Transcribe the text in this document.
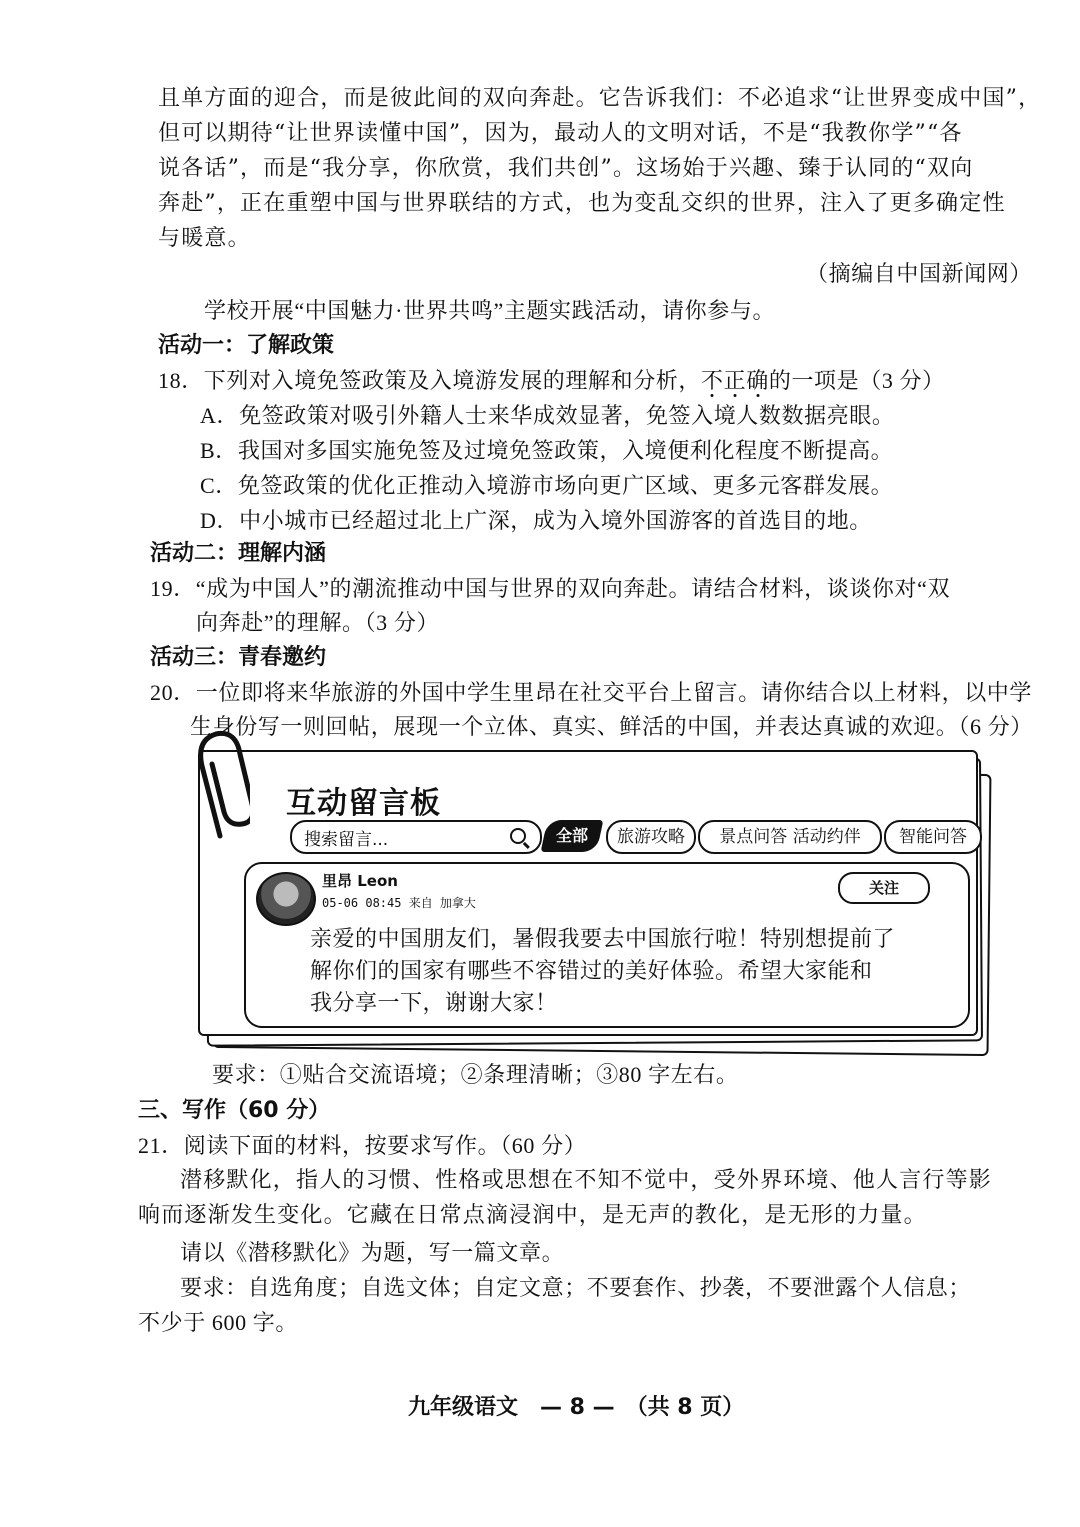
且单方面的迎合，而是彼此间的双向奔赴。它告诉我们：不必追求“让世界变成中国”，
但可以期待“让世界读懂中国”，因为，最动人的文明对话，不是“我教你学”“各
说各话”，而是“我分享，你欣赏，我们共创”。这场始于兴趣、臻于认同的“双向
奔赴”，正在重塑中国与世界联结的方式，也为变乱交织的世界，注入了更多确定性
与暖意。
（摘编自中国新闻网）
学校开展“中国魅力·世界共鸣”主题实践活动，请你参与。
活动一：了解政策
18．下列对入境免签政策及入境游发展的理解和分析，不正确的一项是（3 分）
A．免签政策对吸引外籍人士来华成效显著，免签入境人数数据亮眼。
B．我国对多国实施免签及过境免签政策，入境便利化程度不断提高。
C．免签政策的优化正推动入境游市场向更广区域、更多元客群发展。
D．中小城市已经超过北上广深，成为入境外国游客的首选目的地。
活动二：理解内涵
19．“成为中国人”的潮流推动中国与世界的双向奔赴。请结合材料，谈谈你对“双
向奔赴”的理解。（3 分）
活动三：青春邀约
20．一位即将来华旅游的外国中学生里昂在社交平台上留言。请你结合以上材料，以中学
生身份写一则回帖，展现一个立体、真实、鲜活的中国，并表达真诚的欢迎。（6 分）
互动留言板
搜索留言...	全部	旅游攻略	景点问答 活动约伴	智能问答
里昂 Leon
05-06 08:45 来自 加拿大
关注
亲爱的中国朋友们，暑假我要去中国旅行啦！特别想提前了
解你们的国家有哪些不容错过的美好体验。希望大家能和
我分享一下，谢谢大家！
要求：①贴合交流语境；②条理清晰；③80 字左右。
三、写作（60 分）
21．阅读下面的材料，按要求写作。（60 分）
潜移默化，指人的习惯、性格或思想在不知不觉中，受外界环境、他人言行等影
响而逐渐发生变化。它藏在日常点滴浸润中，是无声的教化，是无形的力量。
请以《潜移默化》为题，写一篇文章。
要求：自选角度；自选文体；自定文意；不要套作、抄袭，不要泄露个人信息；
不少于 600 字。
九年级语文　— 8 —　（共 8 页）
